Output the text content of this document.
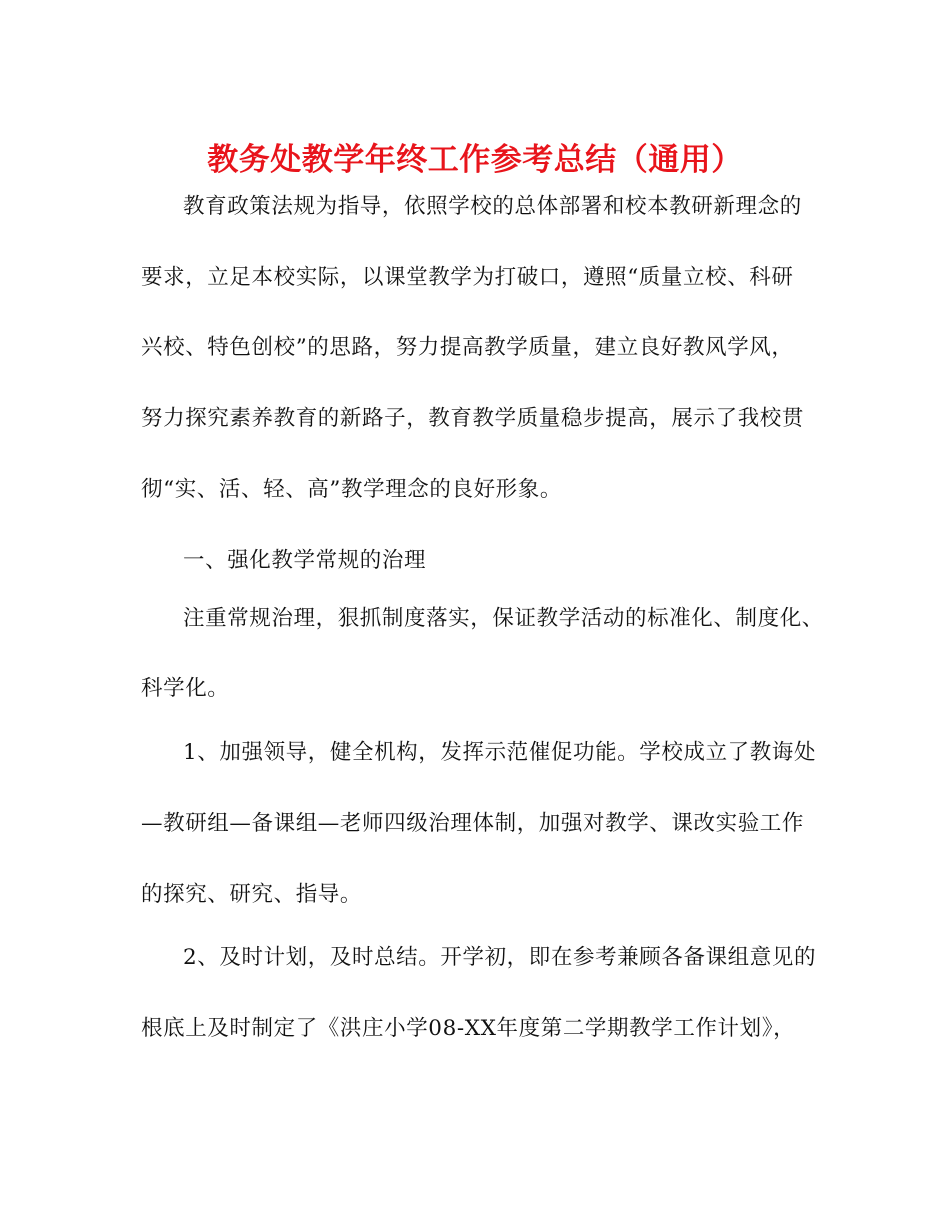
教务处教学年终工作参考总结（通用）
教育政策法规为指导，依照学校的总体部署和校本教研新理念的
要求，立足本校实际，以课堂教学为打破口，遵照“质量立校、科研
兴校、特色创校”的思路，努力提高教学质量，建立良好教风学风，
努力探究素养教育的新路子，教育教学质量稳步提高，展示了我校贯
彻“实、活、轻、高”教学理念的良好形象。
一、强化教学常规的治理
注重常规治理，狠抓制度落实，保证教学活动的标准化、制度化、
科学化。
1、加强领导，健全机构，发挥示范催促功能。学校成立了教诲处
—教研组—备课组—老师四级治理体制，加强对教学、课改实验工作
的探究、研究、指导。
2、及时计划，及时总结。开学初，即在参考兼顾各备课组意见的
根底上及时制定了《洪庄小学08-XX年度第二学期教学工作计划》，
